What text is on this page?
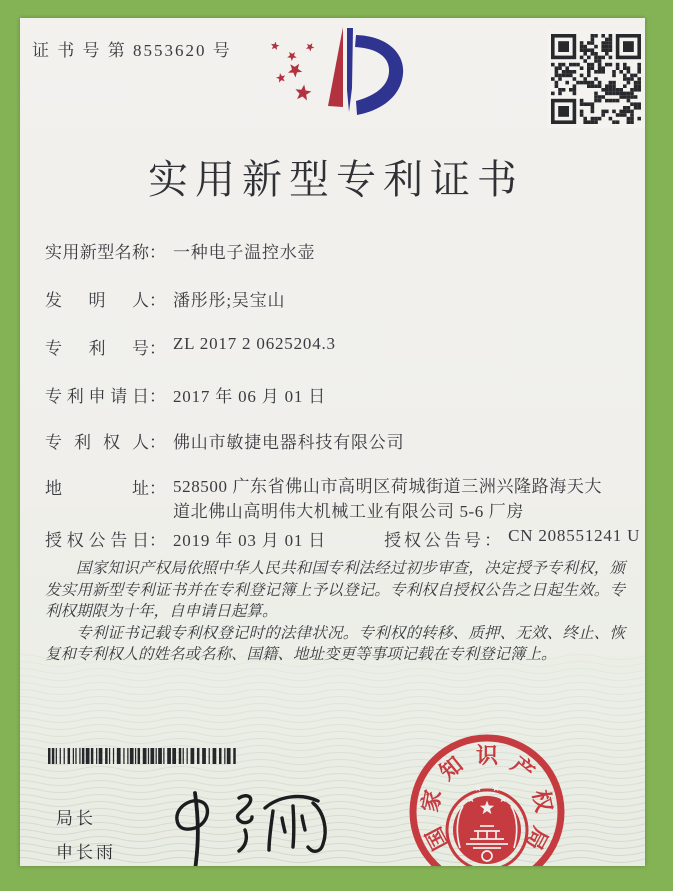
证 书 号 第 8553620 号
实用新型专利证书
实用新型名称 ： 一种电子温控水壶
发明人 ： 潘彤彤;吴宝山
专利号 ： ZL 2017 2 0625204.3
专利申请日 ： 2017 年 06 月 01 日
专利权人 ： 佛山市敏捷电器科技有限公司
地址 ： 528500 广东省佛山市高明区荷城街道三洲兴隆路海天大道北佛山高明伟大机械工业有限公司 5-6 厂房
授权公告日 ： 2019 年 03 月 01 日	授权公告号 ： CN 208551241 U

国家知识产权局依照中华人民共和国专利法经过初步审查，决定授予专利权，颁发实用新型专利证书并在专利登记簿上予以登记。专利权自授权公告之日起生效。专利权期限为十年，自申请日起算。

专利证书记载专利权登记时的法律状况。专利权的转移、质押、无效、终止、恢复和专利权人的姓名或名称、国籍、地址变更等事项记载在专利登记簿上。

局长
申长雨	国
家
知 识 产
权
局
